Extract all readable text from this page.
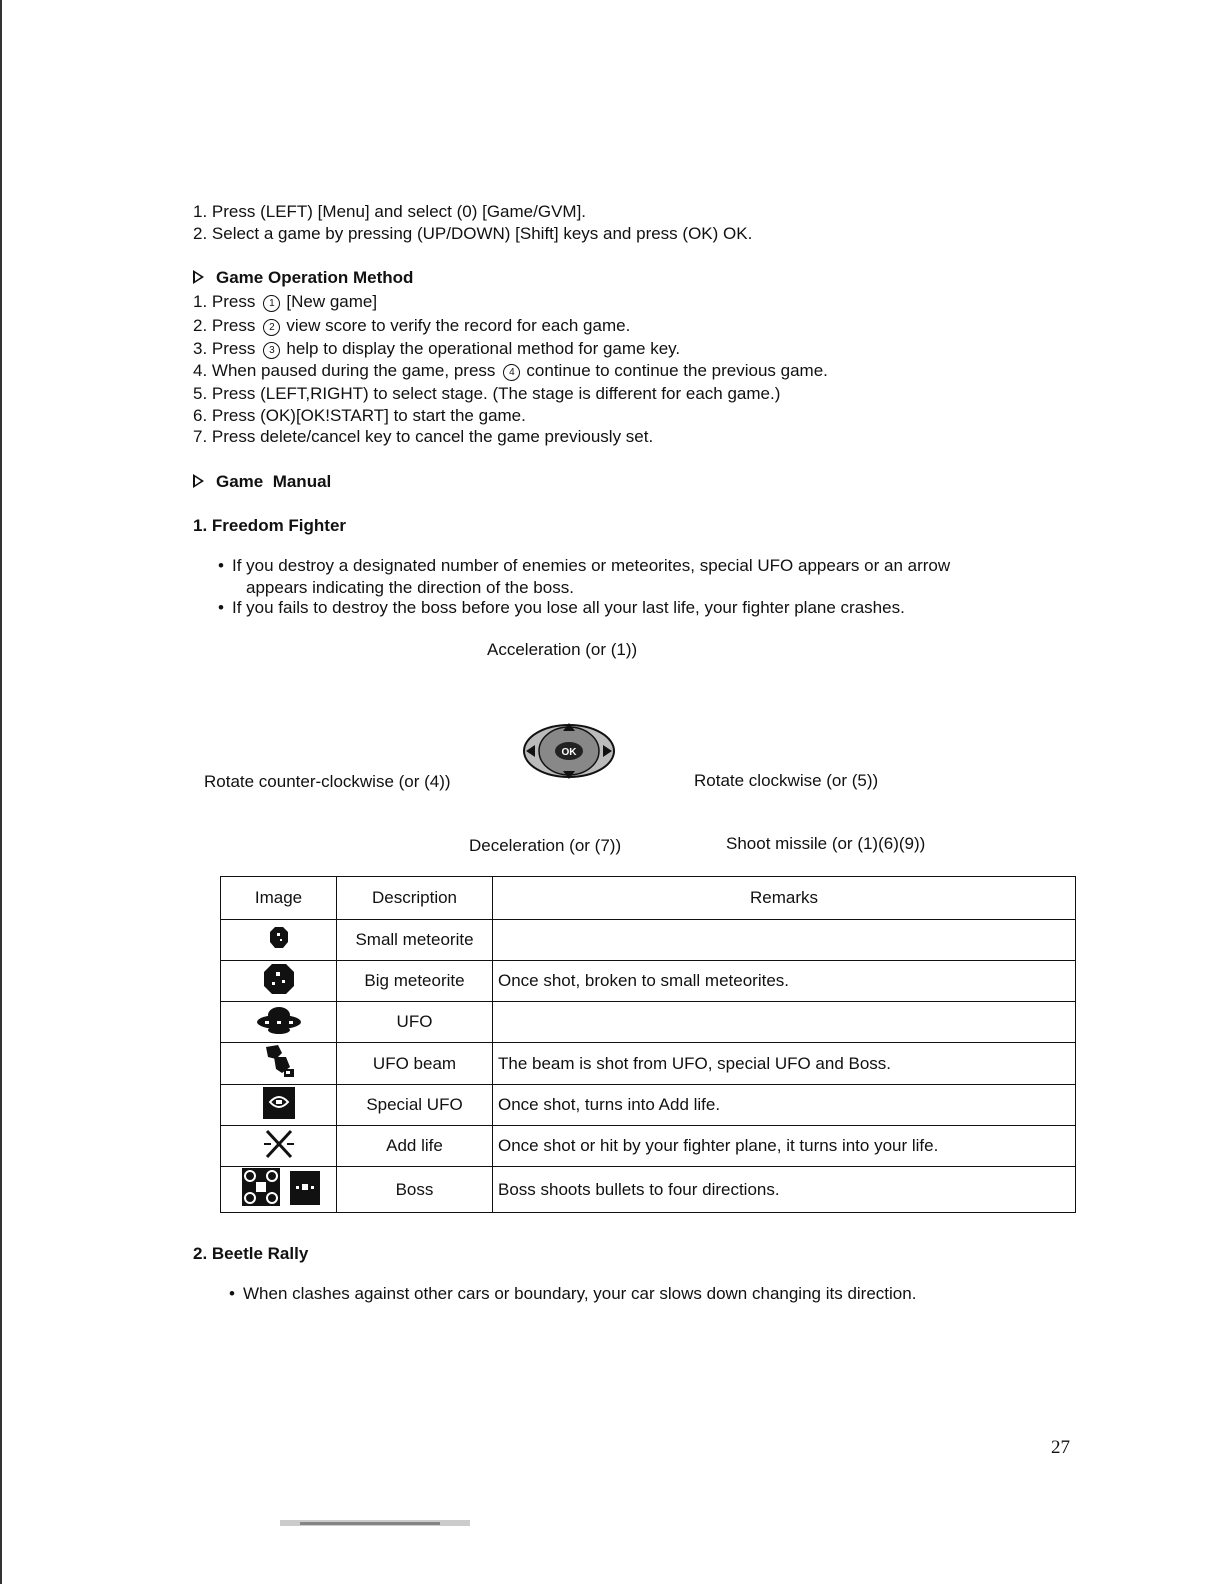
1. Press (LEFT) [Menu] and select (0) [Game/GVM].
2. Select a game by pressing (UP/DOWN) [Shift] keys and press (OK) OK.
Game Operation Method
1. Press 1 [New game]
2. Press 2 view score to verify the record for each game.
3. Press 3 help to display the operational method for game key.
4. When paused during the game, press 4 continue to continue the previous game.
5. Press (LEFT,RIGHT) to select stage. (The stage is different for each game.)
6. Press (OK)[OK!START] to start the game.
7. Press delete/cancel key to cancel the game previously set.
Game  Manual
1. Freedom Fighter
• If you destroy a designated number of enemies or meteorites, special UFO appears or an arrow
appears indicating the direction of the boss.
• If you fails to destroy the boss before you lose all your last life, your fighter plane crashes.
Acceleration (or (1))
Rotate counter-clockwise (or (4))	Rotate clockwise (or (5))
Deceleration (or (7))	Shoot missile (or (1)(6)(9))
OK
Image	Description	Remarks
	Small meteorite	
	Big meteorite	Once shot, broken to small meteorites.
	UFO	
	UFO beam	The beam is shot from UFO, special UFO and Boss.
	Special UFO	Once shot, turns into Add life.
	Add life	Once shot or hit by your fighter plane, it turns into your life.
	Boss	Boss shoots bullets to four directions.
2. Beetle Rally
• When clashes against other cars or boundary, your car slows down changing its direction.
27
